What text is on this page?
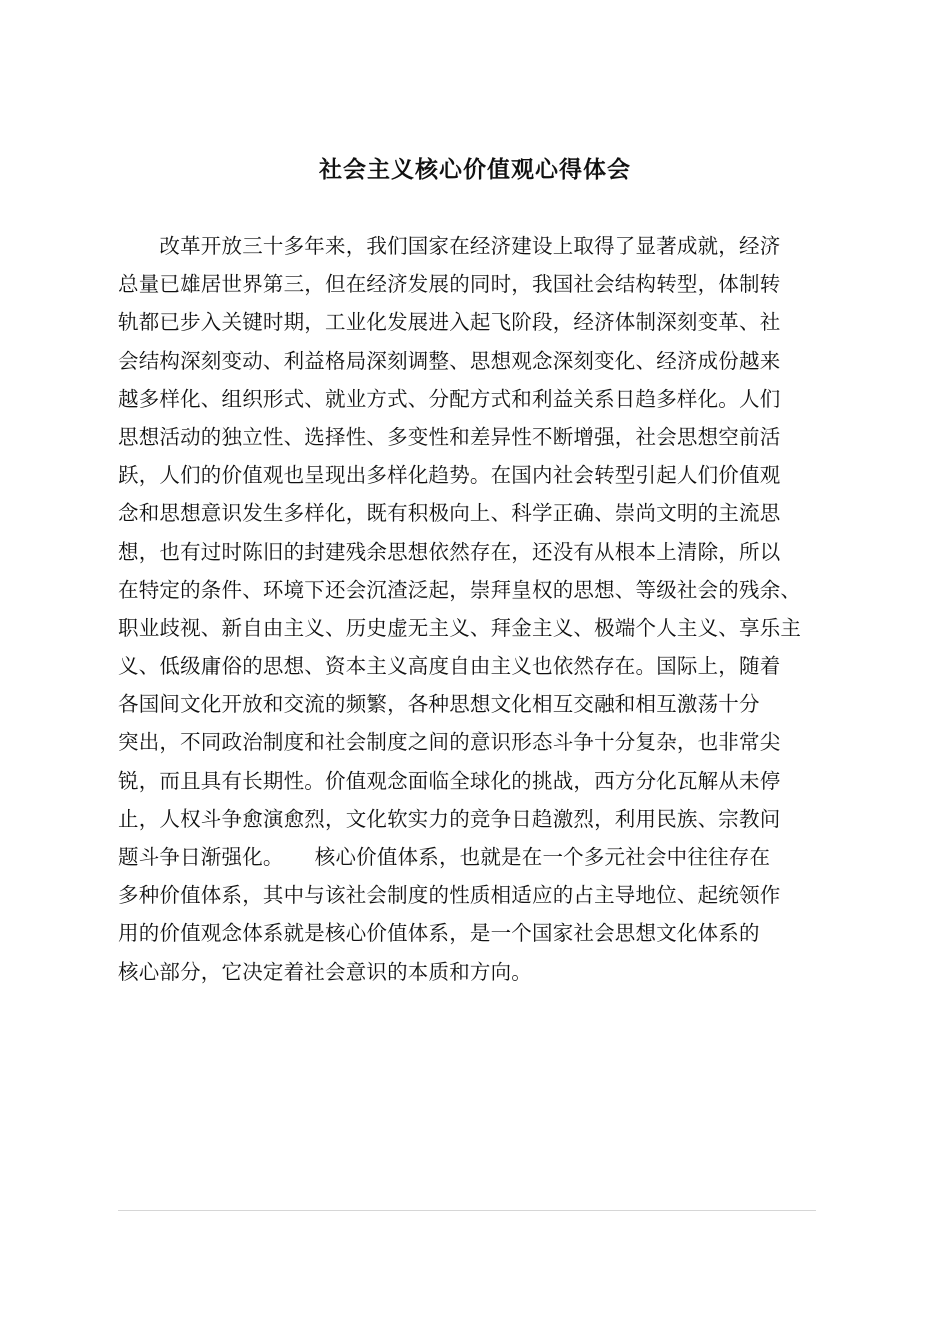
社会主义核心价值观心得体会
　　改革开放三十多年来，我们国家在经济建设上取得了显著成就，经济
总量已雄居世界第三，但在经济发展的同时，我国社会结构转型，体制转
轨都已步入关键时期，工业化发展进入起飞阶段，经济体制深刻变革、社
会结构深刻变动、利益格局深刻调整、思想观念深刻变化、经济成份越来
越多样化、组织形式、就业方式、分配方式和利益关系日趋多样化。人们
思想活动的独立性、选择性、多变性和差异性不断增强，社会思想空前活
跃，人们的价值观也呈现出多样化趋势。在国内社会转型引起人们价值观
念和思想意识发生多样化，既有积极向上、科学正确、崇尚文明的主流思
想，也有过时陈旧的封建残余思想依然存在，还没有从根本上清除，所以
在特定的条件、环境下还会沉渣泛起，崇拜皇权的思想、等级社会的残余、
职业歧视、新自由主义、历史虚无主义、拜金主义、极端个人主义、享乐主
义、低级庸俗的思想、资本主义高度自由主义也依然存在。国际上，随着
各国间文化开放和交流的频繁，各种思想文化相互交融和相互激荡十分
突出，不同政治制度和社会制度之间的意识形态斗争十分复杂，也非常尖
锐，而且具有长期性。价值观念面临全球化的挑战，西方分化瓦解从未停
止，人权斗争愈演愈烈，文化软实力的竞争日趋激烈，利用民族、宗教问
题斗争日渐强化。　　核心价值体系，也就是在一个多元社会中往往存在
多种价值体系，其中与该社会制度的性质相适应的占主导地位、起统领作
用的价值观念体系就是核心价值体系，是一个国家社会思想文化体系的
核心部分，它决定着社会意识的本质和方向。
